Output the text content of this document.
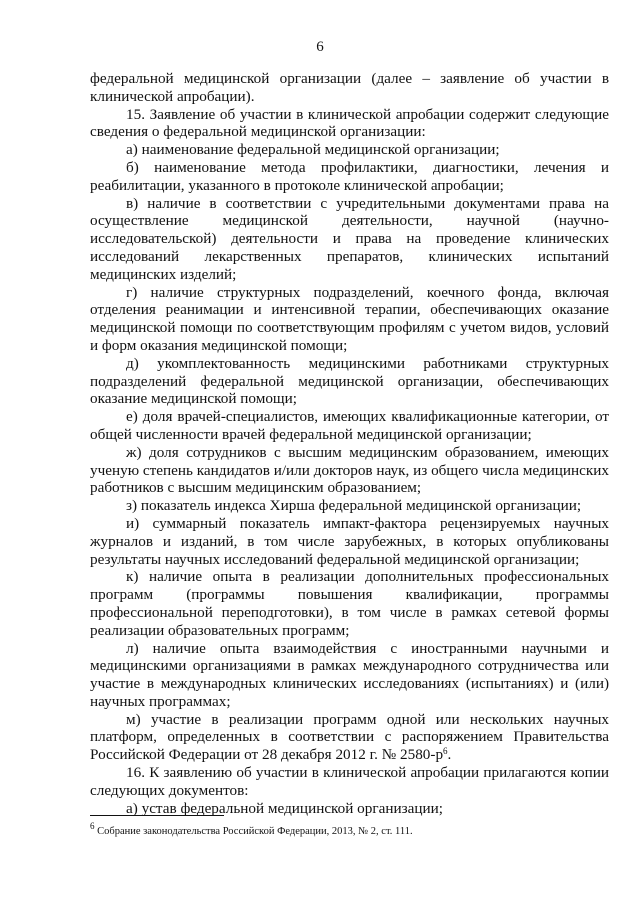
6

федеральной медицинской организации (далее – заявление об участии в клинической апробации).

15. Заявление об участии в клинической апробации содержит следующие сведения о федеральной медицинской организации:

а) наименование федеральной медицинской организации;

б) наименование метода профилактики, диагностики, лечения и реабилитации, указанного в протоколе клинической апробации;

в) наличие в соответствии с учредительными документами права на осуществление медицинской деятельности, научной (научно-исследовательской) деятельности и права на проведение клинических исследований лекарственных препаратов, клинических испытаний медицинских изделий;

г) наличие структурных подразделений, коечного фонда, включая отделения реанимации и интенсивной терапии, обеспечивающих оказание медицинской помощи по соответствующим профилям с учетом видов, условий и форм оказания медицинской помощи;

д) укомплектованность медицинскими работниками структурных подразделений федеральной медицинской организации, обеспечивающих оказание медицинской помощи;

е) доля врачей-специалистов, имеющих квалификационные категории, от общей численности врачей федеральной медицинской организации;

ж) доля сотрудников с высшим медицинским образованием, имеющих ученую степень кандидатов и/или докторов наук, из общего числа медицинских работников с высшим медицинским образованием;

з) показатель индекса Хирша федеральной медицинской организации;

и) суммарный показатель импакт-фактора рецензируемых научных журналов и изданий, в том числе зарубежных, в которых опубликованы результаты научных исследований федеральной медицинской организации;

к) наличие опыта в реализации дополнительных профессиональных программ (программы повышения квалификации, программы профессиональной переподготовки), в том числе в рамках сетевой формы реализации образовательных программ;

л) наличие опыта взаимодействия с иностранными научными и медицинскими организациями в рамках международного сотрудничества или участие в международных клинических исследованиях (испытаниях) и (или) научных программах;

м) участие в реализации программ одной или нескольких научных платформ, определенных в соответствии с распоряжением Правительства Российской Федерации от 28 декабря 2012 г. № $2580-р^6$.

16. К заявлению об участии в клинической апробации прилагаются копии следующих документов:

а) устав федеральной медицинской организации;

$^6$ Собрание законодательства Российской Федерации, 2013, № 2, ст. 111.
